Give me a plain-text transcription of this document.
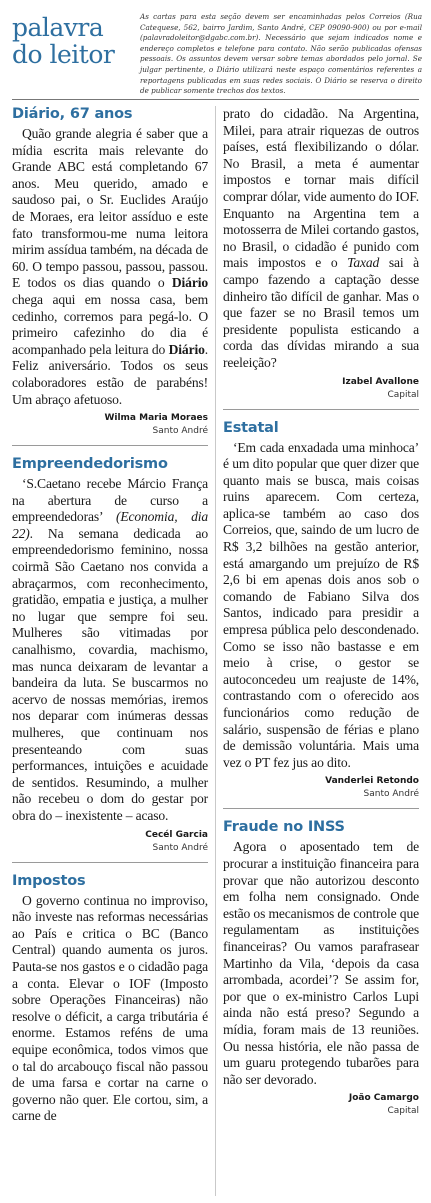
palavra
do leitor
As cartas para esta seção devem ser encaminhadas pelos Correios (Rua Catequese, 562, bairro Jardim, Santo André, CEP 09090-900) ou por e-mail (palavradoleitor@dgabc.com.br). Necessário que sejam indicados nome e endereço completos e telefone para contato. Não serão publicadas ofensas pessoais. Os assuntos devem versar sobre temas abordados pelo jornal. Se julgar pertinente, o Diário utilizará neste espaço comentários referentes a reportagens publicadas em suas redes sociais. O Diário se reserva o direito de publicar somente trechos dos textos.
Diário, 67 anos

Quão grande alegria é saber que a mídia escrita mais relevante do Grande ABC está completando 67 anos. Meu querido, amado e saudoso pai, o Sr. Euclides Araújo de Moraes, era leitor assíduo e este fato transformou-me numa leitora mirim assídua também, na década de 60. O tempo passou, passou, passou. E todos os dias quando o Diário chega aqui em nossa casa, bem cedinho, corremos para pegá-lo. O primeiro cafezinho do dia é acompanhado pela leitura do Diário. Feliz aniversário. Todos os seus colaboradores estão de parabéns! Um abraço afetuoso.

Wilma Maria Moraes
Santo André
Empreendedorismo

‘S.Caetano recebe Márcio França na abertura de curso a empreendedoras’ (Economia, dia 22). Na semana dedicada ao empreendedorismo feminino, nossa coirmã São Caetano nos convida a abraçarmos, com reconhecimento, gratidão, empatia e justiça, a mulher no lugar que sempre foi seu. Mulheres são vitimadas por canalhismo, covardia, machismo, mas nunca deixaram de levantar a bandeira da luta. Se buscarmos no acervo de nossas memórias, iremos nos deparar com inúmeras dessas mulheres, que continuam nos presenteando com suas performances, intuições e acuidade de sentidos. Resumindo, a mulher não recebeu o dom do gestar por obra do – inexistente – acaso.

Cecél Garcia
Santo André
Impostos

O governo continua no improviso, não investe nas reformas necessárias ao País e critica o BC (Banco Central) quando aumenta os juros. Pauta-se nos gastos e o cidadão paga a conta. Elevar o IOF (Imposto sobre Operações Financeiras) não resolve o déficit, a carga tributária é enorme. Estamos reféns de uma equipe econômica, todos vimos que o tal do arcabouço fiscal não passou de uma farsa e cortar na carne o governo não quer. Ele cortou, sim, a carne de

prato do cidadão. Na Argentina, Milei, para atrair riquezas de outros países, está flexibilizando o dólar. No Brasil, a meta é aumentar impostos e tornar mais difícil comprar dólar, vide aumento do IOF. Enquanto na Argentina tem a motosserra de Milei cortando gastos, no Brasil, o cidadão é punido com mais impostos e o Taxad sai à campo fazendo a captação desse dinheiro tão difícil de ganhar. Mas o que fazer se no Brasil temos um presidente populista esticando a corda das dívidas mirando a sua reeleição?

Izabel Avallone
Capital
Estatal

‘Em cada enxadada uma minhoca’ é um dito popular que quer dizer que quanto mais se busca, mais coisas ruins aparecem. Com certeza, aplica-se também ao caso dos Correios, que, saindo de um lucro de R$ 3,2 bilhões na gestão anterior, está amargando um prejuízo de R$ 2,6 bi em apenas dois anos sob o comando de Fabiano Silva dos Santos, indicado para presidir a empresa pública pelo descondenado. Como se isso não bastasse e em meio à crise, o gestor se autoconcedeu um reajuste de 14%, contrastando com o oferecido aos funcionários como redução de salário, suspensão de férias e plano de demissão voluntária. Mais uma vez o PT fez jus ao dito.

Vanderlei Retondo
Santo André
Fraude no INSS

Agora o aposentado tem de procurar a instituição financeira para provar que não autorizou desconto em folha nem consignado. Onde estão os mecanismos de controle que regulamentam as instituições financeiras? Ou vamos parafrasear Martinho da Vila, ‘depois da casa arrombada, acordei’? Se assim for, por que o ex-ministro Carlos Lupi ainda não está preso? Segundo a mídia, foram mais de 13 reuniões. Ou nessa história, ele não passa de um guaru protegendo tubarões para não ser devorado.

João Camargo
Capital
